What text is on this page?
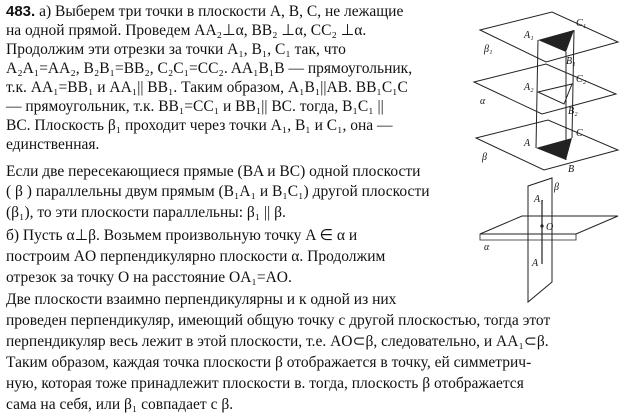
483. а) Выберем три точки в плоскости A, B, C, не лежащие
на одной прямой. Проведем AA₂⊥α, BB₂ ⊥α, CC₂ ⊥α.
Продолжим эти отрезки за точки A₁, B₁, C₁ так, что
A₂A₁=AA₂, B₂B₁=BB₂, C₂C₁=CC₂. AA₁B₁B — прямоугольник,
т.к. AA₁=BB₁ и AA₁|| BB₁. Таким образом, A₁B₁||AB. BB₁C₁C
— прямоугольник, т.к. BB₁=CC₁ и BB₁|| BC. тогда, B₁C₁ ||
BC. Плоскость β₁ проходит через точки A₁, B₁ и C₁, она —
единственная.
Если две пересекающиеся прямые (BA и BC) одной плоскости
( β ) параллельны двум прямым (B₁A₁ и B₁C₁) другой плоскости
(β₁), то эти плоскости параллельны: β₁ || β.
б) Пусть α⊥β. Возьмем произвольную точку A ∈ α и
построим AO перпендикулярно плоскости α. Продолжим
отрезок за точку O на расстояние OA₁=AO.
Две плоскости взаимно перпендикулярны и к одной из них
проведен перпендикуляр, имеющий общую точку с другой плоскостью, тогда этот
перпендикуляр весь лежит в этой плоскости, т.е. AO⊂β, следовательно, и AA₁⊂β.
Таким образом, каждая точка плоскости β отображается в точку, ей симметрич-
ную, которая тоже принадлежит плоскости в. тогда, плоскость β отображается
сама на себя, или β₁ совпадает с β.
β₁
C₁
A₁
B₁
A₂
C₂
α
B₂
A
C
β
B
β
A₁
O
α
A
